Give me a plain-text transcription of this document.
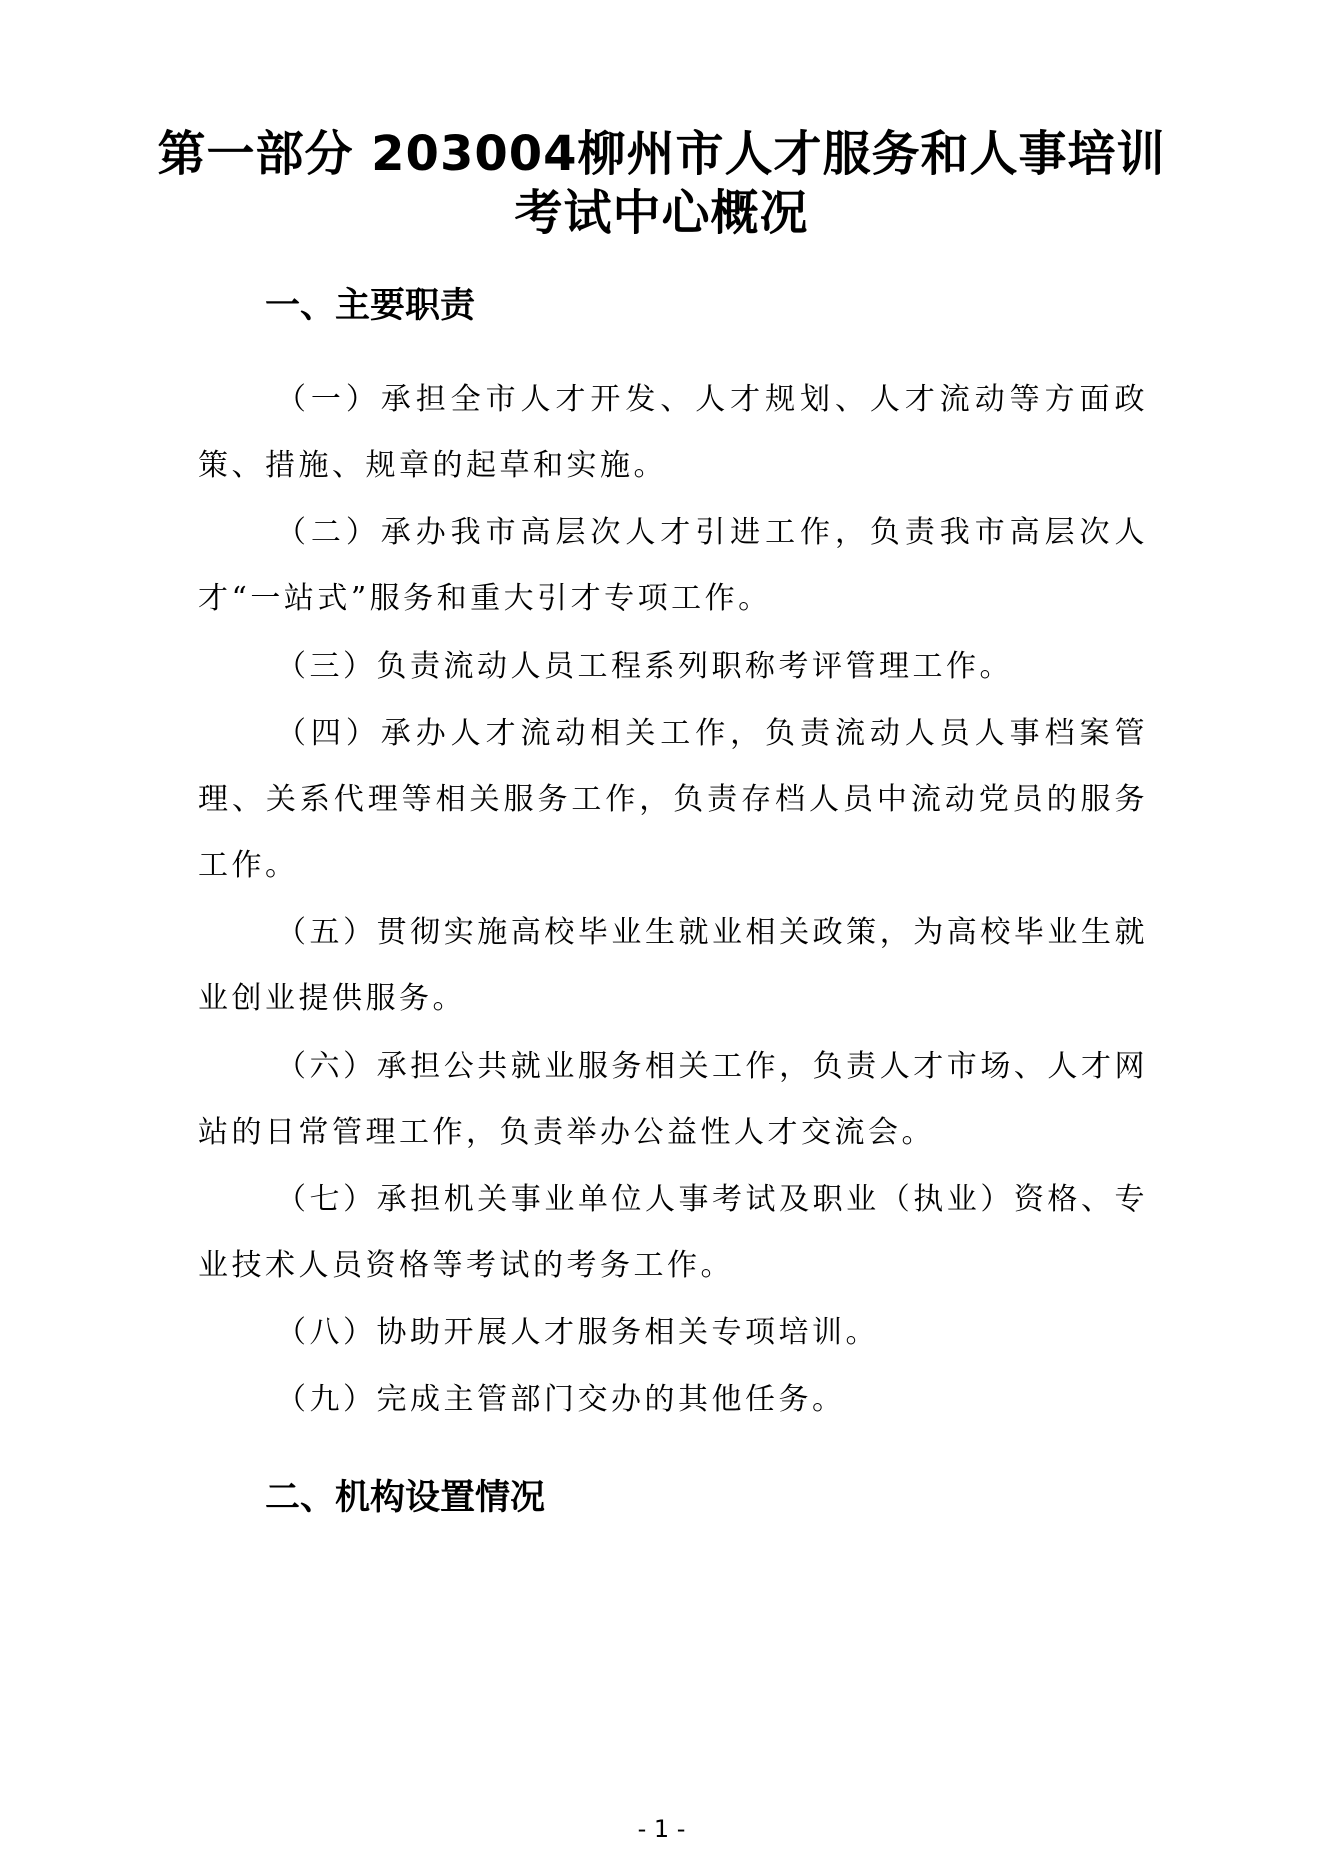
第一部分 203004柳州市人才服务和人事培训考试中心概况
一、主要职责
（一）承担全市人才开发、人才规划、人才流动等方面政策、措施、规章的起草和实施。
（二）承办我市高层次人才引进工作，负责我市高层次人才“一站式”服务和重大引才专项工作。
（三）负责流动人员工程系列职称考评管理工作。
（四）承办人才流动相关工作，负责流动人员人事档案管理、关系代理等相关服务工作，负责存档人员中流动党员的服务工作。
（五）贯彻实施高校毕业生就业相关政策，为高校毕业生就业创业提供服务。
（六）承担公共就业服务相关工作，负责人才市场、人才网站的日常管理工作，负责举办公益性人才交流会。
（七）承担机关事业单位人事考试及职业（执业）资格、专业技术人员资格等考试的考务工作。
（八）协助开展人才服务相关专项培训。
（九）完成主管部门交办的其他任务。
二、机构设置情况
- 1 -
